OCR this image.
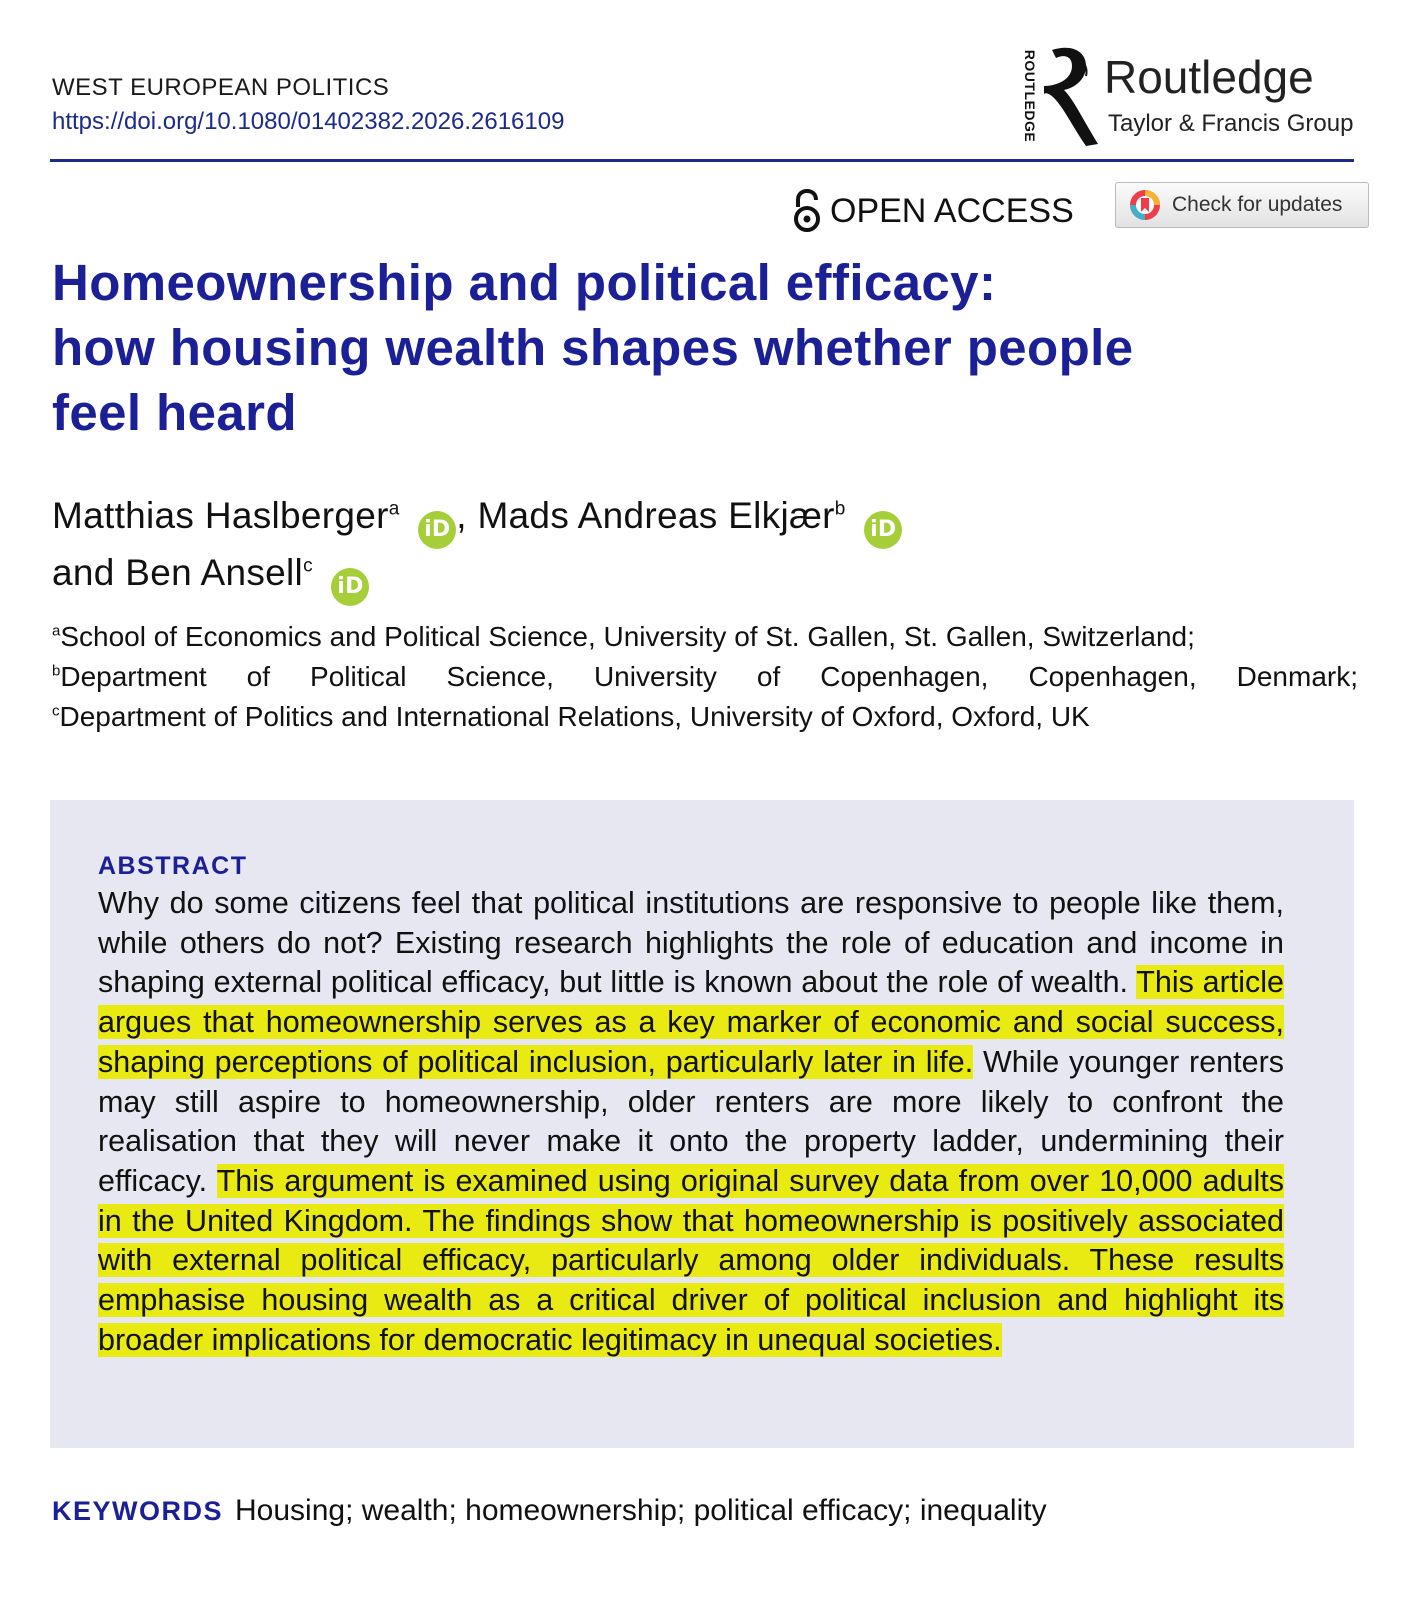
WEST EUROPEAN POLITICS
https://doi.org/10.1080/01402382.2026.2616109	ROUTLEDGE Routledge
Taylor & Francis Group
OPEN ACCESS	Check for updates
Homeownership and political efficacy:
how housing wealth shapes whether people
feel heard
Matthias Haslberger$^a$ iD , Mads Andreas Elkjær$^b$ iD
and Ben Ansell$^c$ iD
$^a$School of Economics and Political Science, University of St. Gallen, St. Gallen, Switzerland;
$^b$Department of Political Science, University of Copenhagen, Copenhagen, Denmark;
$^c$Department of Politics and International Relations, University of Oxford, Oxford, UK
ABSTRACT

Why do some citizens feel that political institutions are responsive to people like them, while others do not? Existing research highlights the role of education and income in shaping external political efficacy, but little is known about the role of wealth. This article argues that homeownership serves as a key marker of economic and social success, shaping perceptions of political inclusion, particularly later in life. While younger renters may still aspire to homeownership, older renters are more likely to confront the realisation that they will never make it onto the property ladder, undermining their efficacy. This argument is examined using original survey data from over 10,000 adults in the United Kingdom. The findings show that homeownership is positively associated with external political efficacy, particularly among older individuals. These results emphasise housing wealth as a critical driver of political inclusion and highlight its broader implications for democratic legitimacy in unequal societies.

KEYWORDS Housing; wealth; homeownership; political efficacy; inequality
